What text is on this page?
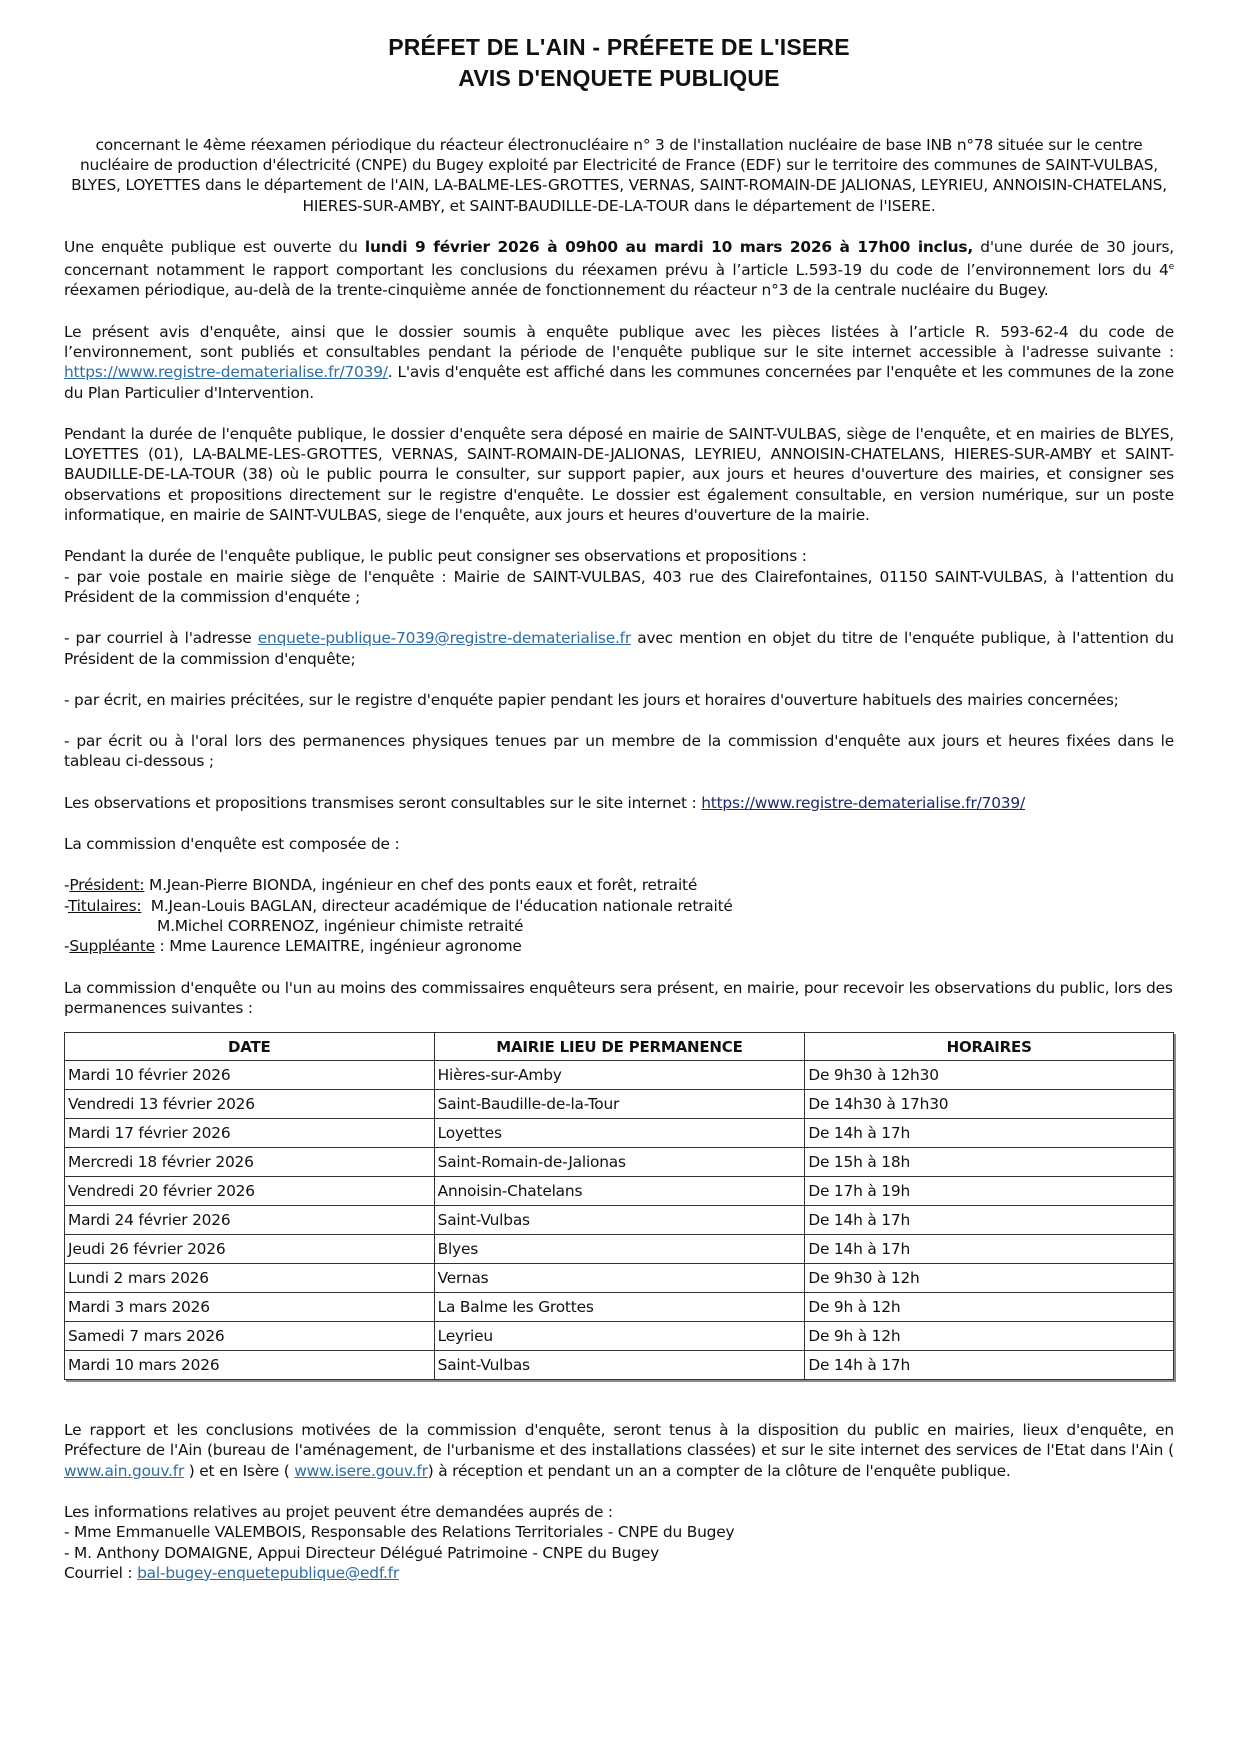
PRÉFET DE L'AIN - PRÉFETE DE L'ISERE
AVIS D'ENQUETE PUBLIQUE

concernant le 4ème réexamen périodique du réacteur électronucléaire n° 3 de l'installation nucléaire de base INB n°78 située sur le centre nucléaire de production d'électricité (CNPE) du Bugey exploité par Electricité de France (EDF) sur le territoire des communes de SAINT-VULBAS, BLYES, LOYETTES dans le département de l'AIN, LA-BALME-LES-GROTTES, VERNAS, SAINT-ROMAIN-DE JALIONAS, LEYRIEU, ANNOISIN-CHATELANS, HIERES-SUR-AMBY, et SAINT-BAUDILLE-DE-LA-TOUR dans le département de l'ISERE.

Une enquête publique est ouverte du lundi 9 février 2026 à 09h00 au mardi 10 mars 2026 à 17h00 inclus, d'une durée de 30 jours, concernant notamment le rapport comportant les conclusions du réexamen prévu à l’article L.593-19 du code de l’environnement lors du 4e réexamen périodique, au-delà de la trente-cinquième année de fonctionnement du réacteur n°3 de la centrale nucléaire du Bugey.

Le présent avis d'enquête, ainsi que le dossier soumis à enquête publique avec les pièces listées à l’article R. 593-62-4 du code de l’environnement, sont publiés et consultables pendant la période de l'enquête publique sur le site internet accessible à l'adresse suivante : https://www.registre-dematerialise.fr/7039/. L'avis d'enquête est affiché dans les communes concernées par l'enquête et les communes de la zone du Plan Particulier d'Intervention.

Pendant la durée de l'enquête publique, le dossier d'enquête sera déposé en mairie de SAINT-VULBAS, siège de l'enquête, et en mairies de BLYES, LOYETTES (01), LA-BALME-LES-GROTTES, VERNAS, SAINT-ROMAIN-DE-JALIONAS, LEYRIEU, ANNOISIN-CHATELANS, HIERES-SUR-AMBY et SAINT-BAUDILLE-DE-LA-TOUR (38) où le public pourra le consulter, sur support papier, aux jours et heures d'ouverture des mairies, et consigner ses observations et propositions directement sur le registre d'enquête. Le dossier est également consultable, en version numérique, sur un poste informatique, en mairie de SAINT-VULBAS, siege de l'enquête, aux jours et heures d'ouverture de la mairie.

Pendant la durée de l'enquête publique, le public peut consigner ses observations et propositions :

- par voie postale en mairie siège de l'enquête : Mairie de SAINT-VULBAS, 403 rue des Clairefontaines, 01150 SAINT-VULBAS, à l'attention du Président de la commission d'enquéte ;

- par courriel à l'adresse enquete-publique-7039@registre-dematerialise.fr avec mention en objet du titre de l'enquéte publique, à l'attention du Président de la commission d'enquête;

- par écrit, en mairies précitées, sur le registre d'enquéte papier pendant les jours et horaires d'ouverture habituels des mairies concernées;

- par écrit ou à l'oral lors des permanences physiques tenues par un membre de la commission d'enquête aux jours et heures fixées dans le tableau ci-dessous ;

Les observations et propositions transmises seront consultables sur le site internet : https://www.registre-dematerialise.fr/7039/

La commission d'enquête est composée de :

-Président: M.Jean-Pierre BIONDA, ingénieur en chef des ponts eaux et forêt, retraité

-Titulaires:  M.Jean-Louis BAGLAN, directeur académique de l'éducation nationale retraité

M.Michel CORRENOZ, ingénieur chimiste retraité

-Suppléante : Mme Laurence LEMAITRE, ingénieur agronome

La commission d'enquête ou l'un au moins des commissaires enquêteurs sera présent, en mairie, pour recevoir les observations du public, lors des permanences suivantes :

DATE	MAIRIE LIEU DE PERMANENCE	HORAIRES
Mardi 10 février 2026	Hières-sur-Amby	De 9h30 à 12h30
Vendredi 13 février 2026	Saint-Baudille-de-la-Tour	De 14h30 à 17h30
Mardi 17 février 2026	Loyettes	De 14h à 17h
Mercredi 18 février 2026	Saint-Romain-de-Jalionas	De 15h à 18h
Vendredi 20 février 2026	Annoisin-Chatelans	De 17h à 19h
Mardi 24 février 2026	Saint-Vulbas	De 14h à 17h
Jeudi 26 février 2026	Blyes	De 14h à 17h
Lundi 2 mars 2026	Vernas	De 9h30 à 12h
Mardi 3 mars 2026	La Balme les Grottes	De 9h à 12h
Samedi 7 mars 2026	Leyrieu	De 9h à 12h
Mardi 10 mars 2026	Saint-Vulbas	De 14h à 17h

Le rapport et les conclusions motivées de la commission d'enquête, seront tenus à la disposition du public en mairies, lieux d'enquête, en Préfecture de l'Ain (bureau de l'aménagement, de l'urbanisme et des installations classées) et sur le site internet des services de l'Etat dans l'Ain ( www.ain.gouv.fr ) et en Isère ( www.isere.gouv.fr) à réception et pendant un an a compter de la clôture de l'enquête publique.

Les informations relatives au projet peuvent étre demandées auprés de :

- Mme Emmanuelle VALEMBOIS, Responsable des Relations Territoriales - CNPE du Bugey

- M. Anthony DOMAIGNE, Appui Directeur Délégué Patrimoine - CNPE du Bugey

Courriel : bal-bugey-enquetepublique@edf.fr
